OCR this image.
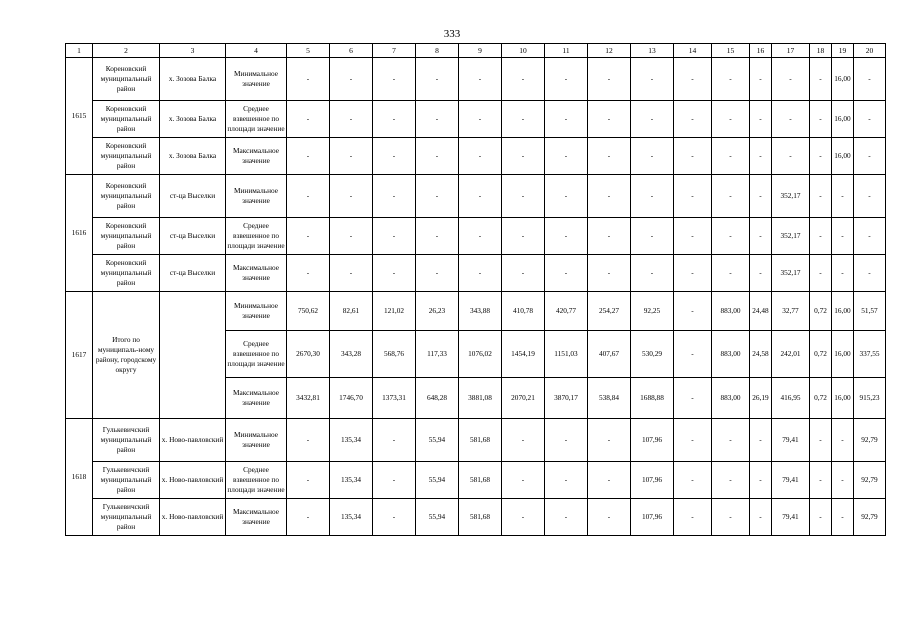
333
1	2	3	4	5	6	7	8	9	10	11	12	13	14	15	16	17	18	19	20
1615	Кореновский муниципальный район	х. Зозова Балка	Минимальное значение	-	-	-	-	-	-	-	-	-	-	-	-	-	-	16,00	-
	Кореновский муниципальный район	х. Зозова Балка	Среднее взвешенное по площади значение	-	-	-	-	-	-	-	-	-	-	-	-	-	-	16,00	-
	Кореновский муниципальный район	х. Зозова Балка	Максимальное значение	-	-	-	-	-	-	-	-	-	-	-	-	-	-	16,00	-
1616	Кореновский муниципальный район	ст-ца Выселки	Минимальное значение	-	-	-	-	-	-	-	-	-	-	-	-	352,17	-	-	-
	Кореновский муниципальный район	ст-ца Выселки	Среднее взвешенное по площади значение	-	-	-	-	-	-	-	-	-	-	-	-	352,17	-	-	-
	Кореновский муниципальный район	ст-ца Выселки	Максимальное значение	-	-	-	-	-	-	-	-	-	-	-	-	352,17	-	-	-
1617	Итого по муниципаль-ному району, городскому округу		Минимальное значение	750,62	82,61	121,02	26,23	343,88	410,78	420,77	254,27	92,25	-	883,00	24,48	32,77	0,72	16,00	51,57
			Среднее взвешенное по площади значение	2670,30	343,28	568,76	117,33	1076,02	1454,19	1151,03	407,67	530,29	-	883,00	24,58	242,01	0,72	16,00	337,55
			Максимальное значение	3432,81	1746,70	1373,31	648,28	3881,08	2070,21	3870,17	538,84	1688,88	-	883,00	26,19	416,95	0,72	16,00	915,23
1618	Гулькевичский муниципальный район	х. Ново-павловский	Минимальное значение	-	135,34	-	55,94	581,68	-	-	-	107,96	-	-	-	79,41	-	-	92,79
	Гулькевичский муниципальный район	х. Ново-павловский	Среднее взвешенное по площади значение	-	135,34	-	55,94	581,68	-	-	-	107,96	-	-	-	79,41	-	-	92,79
	Гулькевичский муниципальный район	х. Ново-павловский	Максимальное значение	-	135,34	-	55,94	581,68	-	-	-	107,96	-	-	-	79,41	-	-	92,79
